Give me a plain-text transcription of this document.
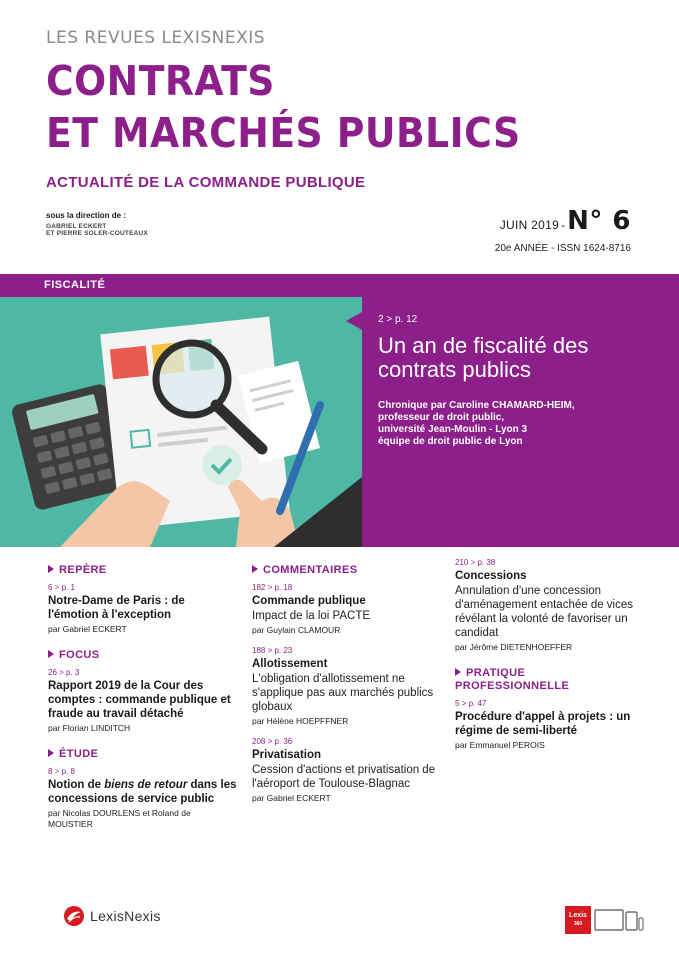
LES REVUES LEXISNEXIS
CONTRATS
ET MARCHÉS PUBLICS
ACTUALITÉ DE LA COMMANDE PUBLIQUE
sous la direction de :
GABRIEL ECKERT
ET PIERRE SOLER-COUTEAUX
JUIN 2019 - N° 6
20e ANNÉE - ISSN 1624-8716
FISCALITÉ
2 > p. 12
Un an de fiscalité des contrats publics
Chronique par Caroline CHAMARD-HEIM,
professeur de droit public,
université Jean-Moulin - Lyon 3
équipe de droit public de Lyon
REPÈRE
6 > p. 1
Notre-Dame de Paris : de l'émotion à l'exception
par Gabriel ECKERT
FOCUS
26 > p. 3
Rapport 2019 de la Cour des comptes : commande publique et fraude au travail détaché
par Florian LINDITCH
ÉTUDE
8 > p. 8
Notion de biens de retour dans les concessions de service public
par Nicolas DOURLENS et Roland de MOUSTIER
COMMENTAIRES
182 > p. 18
Commande publique
Impact de la loi PACTE
par Guylain CLAMOUR
188 > p. 23
Allotissement
L'obligation d'allotissement ne s'applique pas aux marchés publics globaux
par Hélène HOEPFFNER
208 > p. 36
Privatisation
Cession d'actions et privatisation de l'aéroport de Toulouse-Blagnac
par Gabriel ECKERT
210 > p. 38
Concessions
Annulation d'une concession d'aménagement entachée de vices révélant la volonté de favoriser un candidat
par Jérôme DIETENHOEFFER
PRATIQUE PROFESSIONNELLE
5 > p. 47
Procédure d'appel à projets : un régime de semi-liberté
par Emmanuel PEROIS
LexisNexis	Lexis
360
